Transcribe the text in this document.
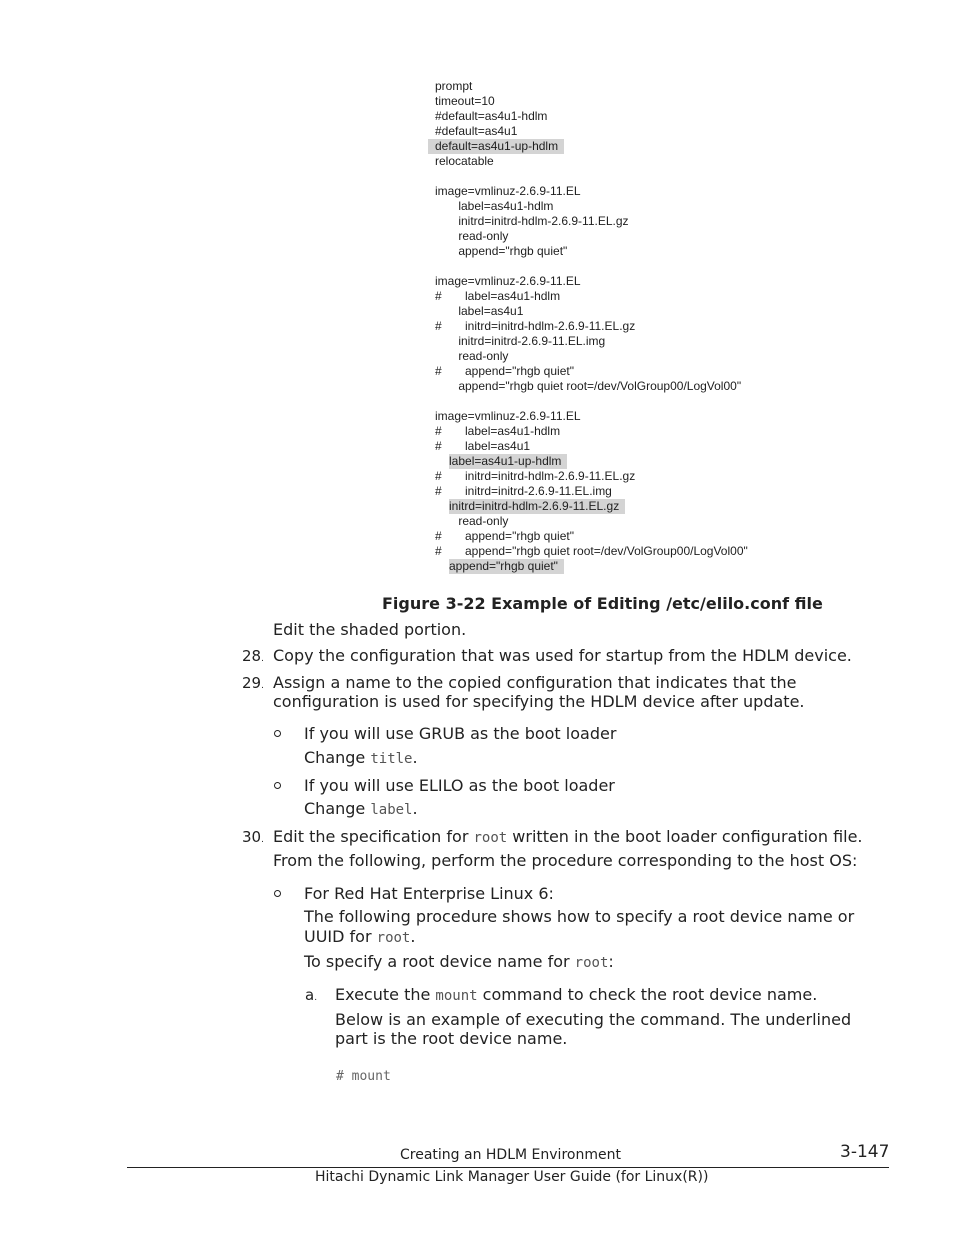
prompt
timeout=10
#default=as4u1-hdlm
#default=as4u1
default=as4u1-up-hdlm
relocatable
image=vmlinuz-2.6.9-11.EL
label=as4u1-hdlm
initrd=initrd-hdlm-2.6.9-11.EL.gz
read-only
append="rhgb quiet"
image=vmlinuz-2.6.9-11.EL
#       label=as4u1-hdlm
label=as4u1
#       initrd=initrd-hdlm-2.6.9-11.EL.gz
initrd=initrd-2.6.9-11.EL.img
read-only
#       append="rhgb quiet"
append="rhgb quiet root=/dev/VolGroup00/LogVol00"
image=vmlinuz-2.6.9-11.EL
#       label=as4u1-hdlm
#       label=as4u1
label=as4u1-up-hdlm
#       initrd=initrd-hdlm-2.6.9-11.EL.gz
#       initrd=initrd-2.6.9-11.EL.img
initrd=initrd-hdlm-2.6.9-11.EL.gz
read-only
#       append="rhgb quiet"
#       append="rhgb quiet root=/dev/VolGroup00/LogVol00"
append="rhgb quiet"
Figure 3-22 Example of Editing /etc/elilo.conf file
Edit the shaded portion.
28. Copy the configuration that was used for startup from the HDLM device.
29. Assign a name to the copied configuration that indicates that the
configuration is used for specifying the HDLM device after update.
If you will use GRUB as the boot loader
Change title.
If you will use ELILO as the boot loader
Change label.
30. Edit the specification for root written in the boot loader configuration file.
From the following, perform the procedure corresponding to the host OS:
For Red Hat Enterprise Linux 6:
The following procedure shows how to specify a root device name or
UUID for root.
To specify a root device name for root:
a. Execute the mount command to check the root device name.
Below is an example of executing the command. The underlined
part is the root device name.
# mount
Creating an HDLM Environment	3-147
Hitachi Dynamic Link Manager User Guide (for Linux(R))
